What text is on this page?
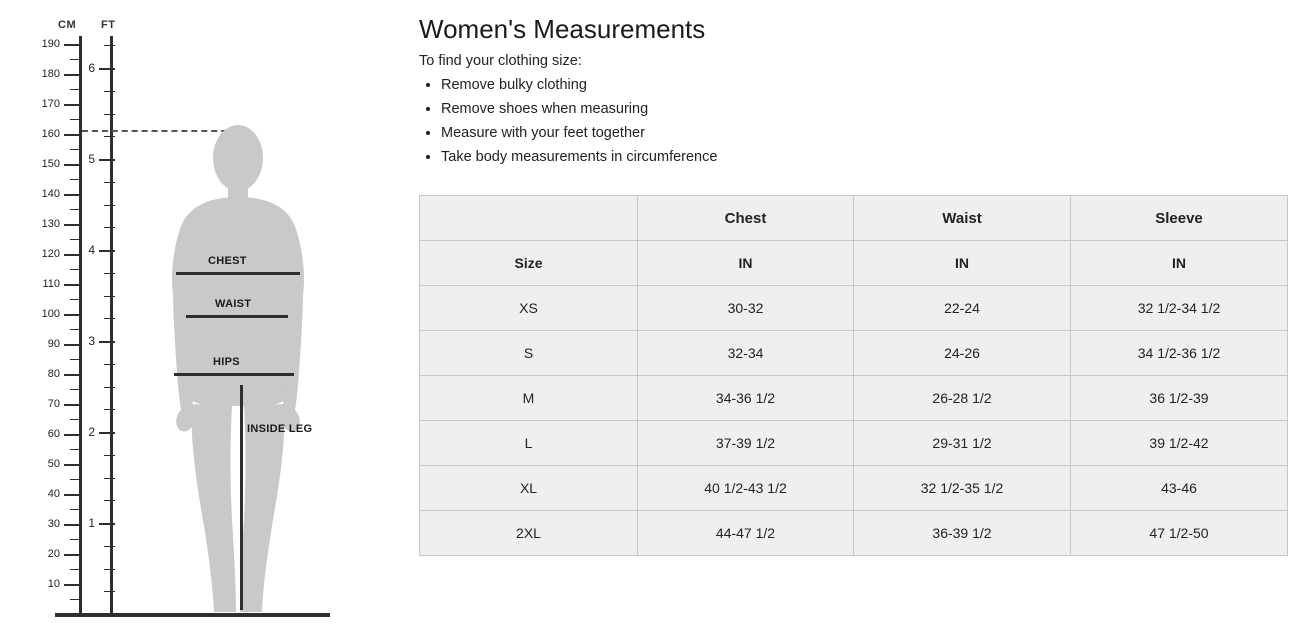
CM FT
190
180
170
160
150
140
130
120
110
100
90
80
70
60
50
40
30
20
10
6
5
4
3
2
1
CHEST
WAIST
HIPS
INSIDE LEG
Women's Measurements

To find your clothing size:

• Remove bulky clothing
• Remove shoes when measuring
• Measure with your feet together
• Take body measurements in circumference
	Chest	Waist	Sleeve
Size	IN	IN	IN
XS	30-32	22-24	32 1/2-34 1/2
S	32-34	24-26	34 1/2-36 1/2
M	34-36 1/2	26-28 1/2	36 1/2-39
L	37-39 1/2	29-31 1/2	39 1/2-42
XL	40 1/2-43 1/2	32 1/2-35 1/2	43-46
2XL	44-47 1/2	36-39 1/2	47 1/2-50
